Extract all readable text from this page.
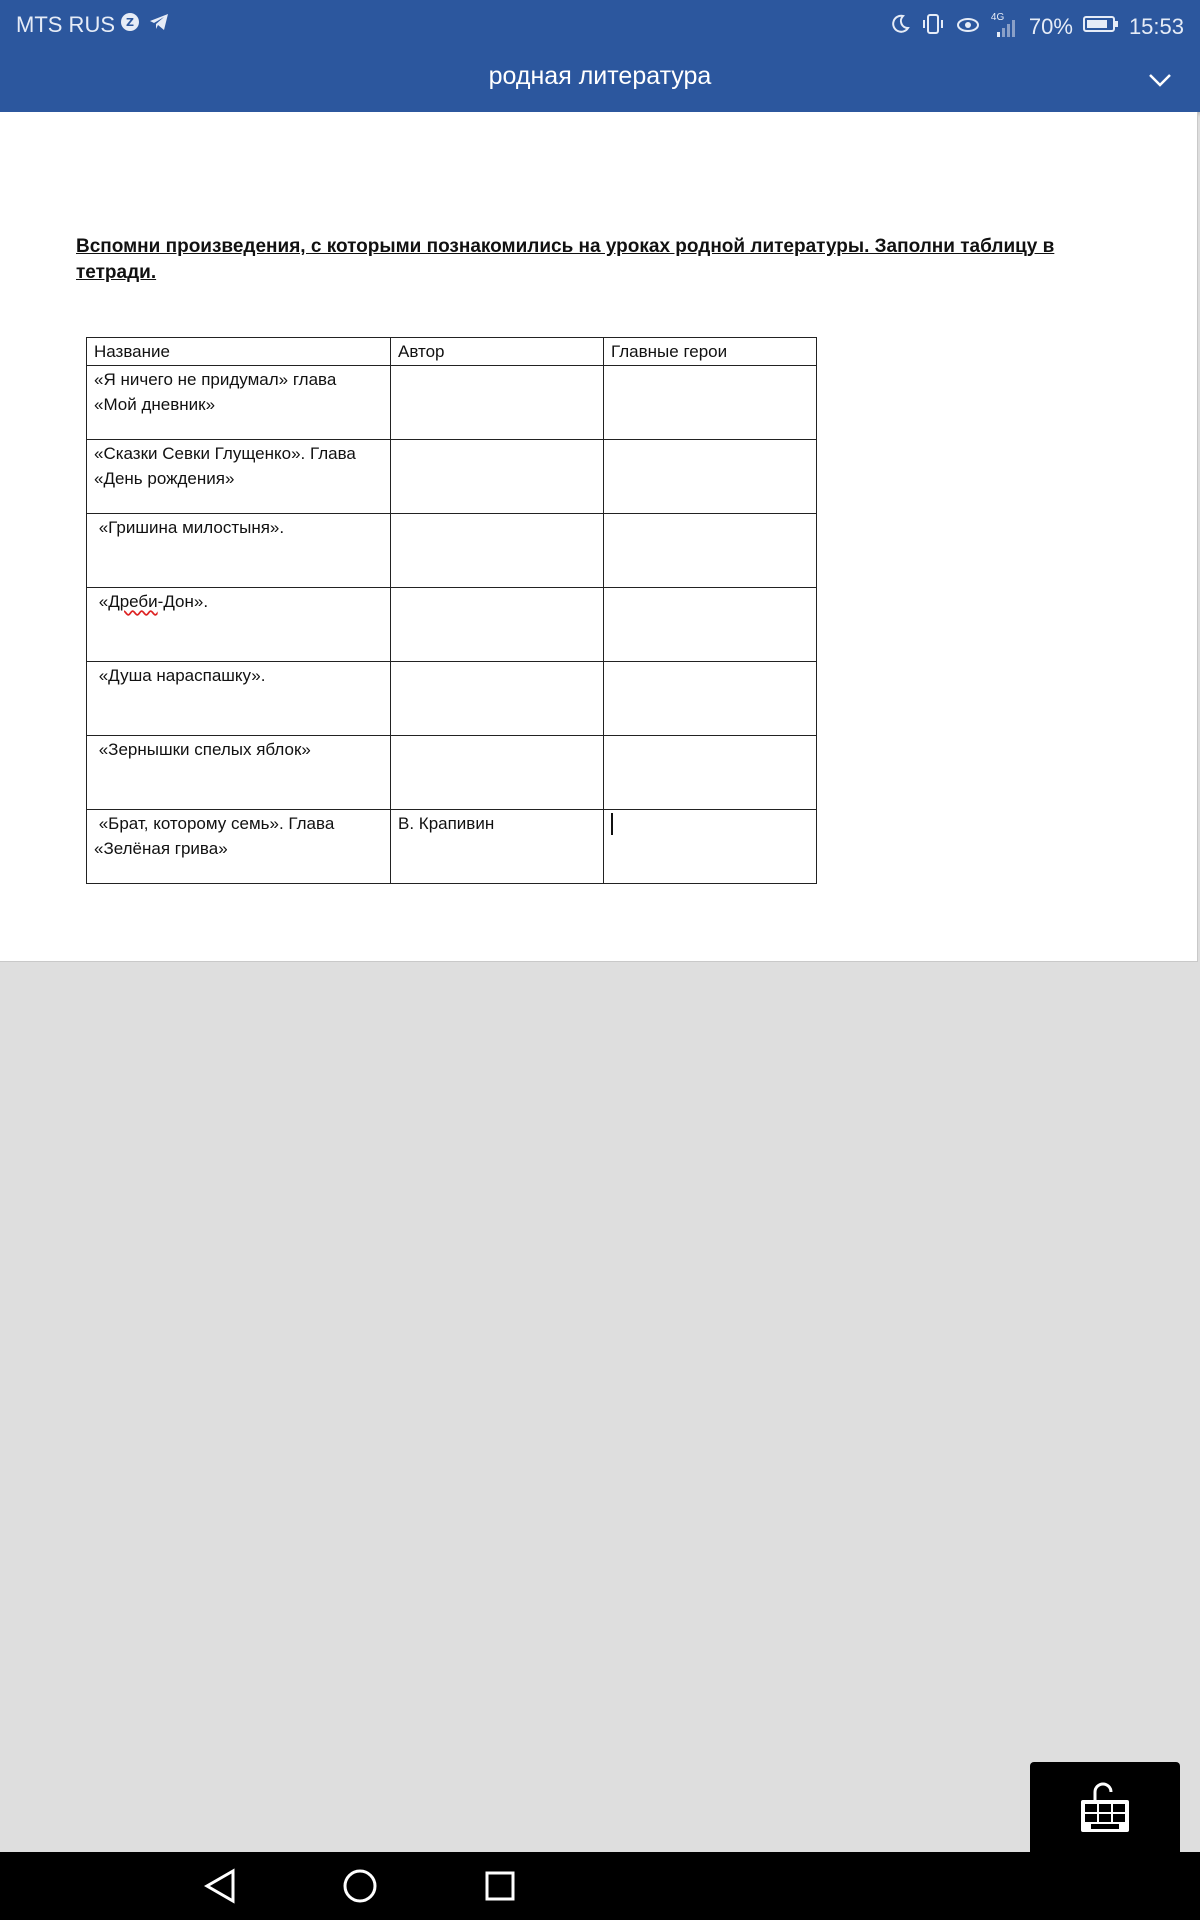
MTS RUS Z	4G 70%	15:53
родная литература
Вспомни произведения, с которыми познакомились на уроках родной литературы. Заполни таблицу в тетради.
Название	Автор	Главные герои

«Я ничего не придумал» глава
«Мой дневник»		

«Сказки Севки Глущенко». Глава
«День рождения»		

«Гришина милостыня».		

«Дреби-Дон».		

«Душа нараспашку».		

«Зернышки спелых яблок»		

«Брат, которому семь». Глава
«Зелёная грива»	В. Крапивин	
